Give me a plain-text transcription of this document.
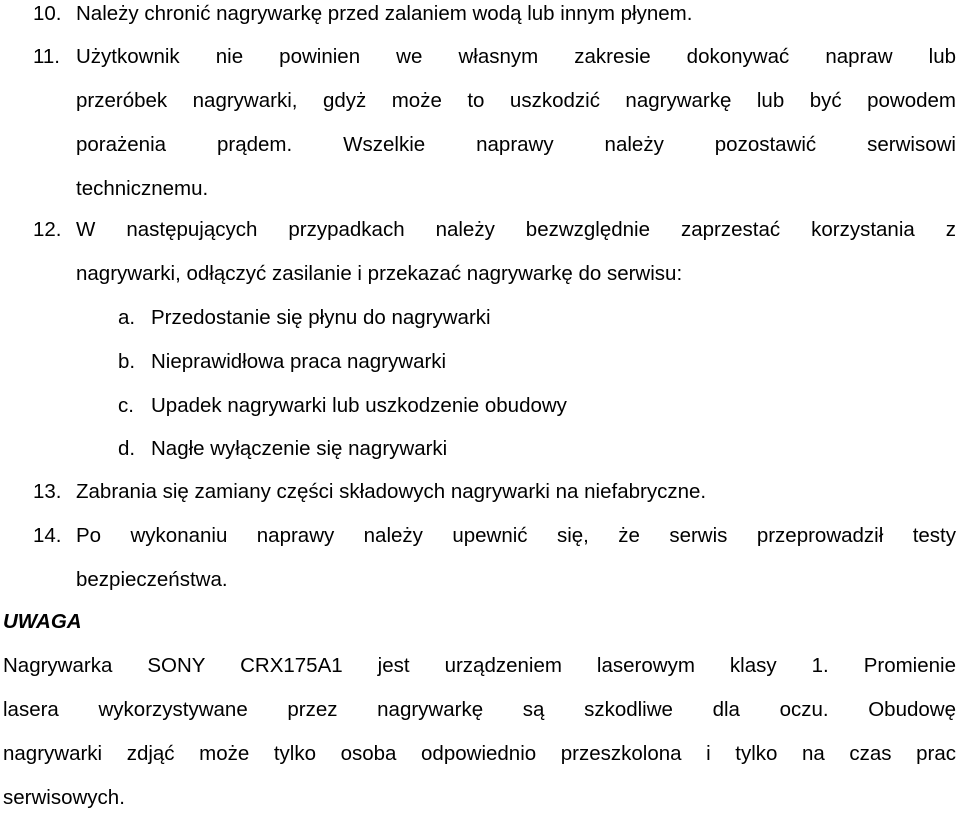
10. Należy chronić nagrywarkę przed zalaniem wodą lub innym płynem.
11. Użytkownik nie powinien we własnym zakresie dokonywać napraw lub
przeróbek nagrywarki, gdyż może to uszkodzić nagrywarkę lub być powodem
porażenia prądem. Wszelkie naprawy należy pozostawić serwisowi
technicznemu.
12. W następujących przypadkach należy bezwzględnie zaprzestać korzystania z
nagrywarki, odłączyć zasilanie i przekazać nagrywarkę do serwisu:
a. Przedostanie się płynu do nagrywarki
b. Nieprawidłowa praca nagrywarki
c. Upadek nagrywarki lub uszkodzenie obudowy
d. Nagłe wyłączenie się nagrywarki
13. Zabrania się zamiany części składowych nagrywarki na niefabryczne.
14. Po wykonaniu naprawy należy upewnić się, że serwis przeprowadził testy
bezpieczeństwa.
UWAGA
Nagrywarka SONY CRX175A1 jest urządzeniem laserowym klasy 1. Promienie
lasera wykorzystywane przez nagrywarkę są szkodliwe dla oczu. Obudowę
nagrywarki zdjąć może tylko osoba odpowiednio przeszkolona i tylko na czas prac
serwisowych.
